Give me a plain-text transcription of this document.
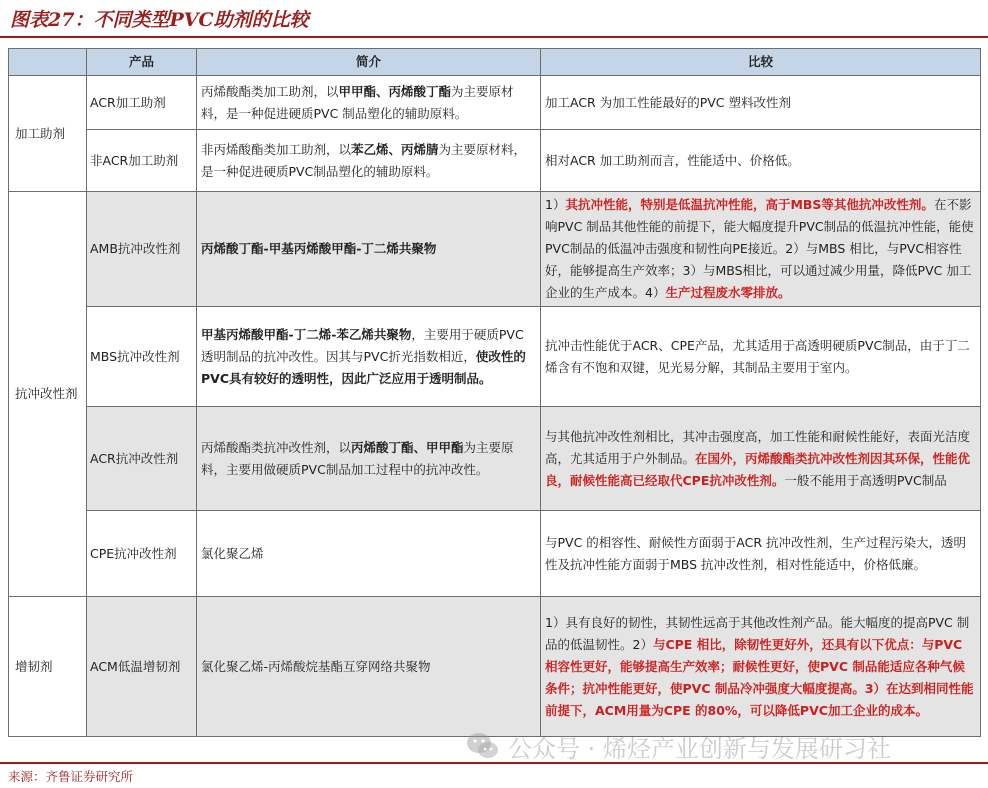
图表27：不同类型PVC助剂的比较
	产品	简介	比较
加工助剂	ACR加工助剂	丙烯酸酯类加工助剂，以甲甲酯、丙烯酸丁酯为主要原材料，是一种促进硬质PVC 制品塑化的辅助原料。	加工ACR 为加工性能最好的PVC 塑料改性剂
	非ACR加工助剂	非丙烯酸酯类加工助剂，以苯乙烯、丙烯腈为主要原材料，是一种促进硬质PVC制品塑化的辅助原料。	相对ACR 加工助剂而言，性能适中、价格低。
抗冲改性剂	AMB抗冲改性剂	丙烯酸丁酯-甲基丙烯酸甲酯-丁二烯共聚物	1）其抗冲性能，特别是低温抗冲性能，高于MBS等其他抗冲改性剂。在不影响PVC 制品其他性能的前提下，能大幅度提升PVC制品的低温抗冲性能，能使PVC制品的低温冲击强度和韧性向PE接近。2）与MBS 相比，与PVC相容性好，能够提高生产效率；3）与MBS相比，可以通过减少用量，降低PVC 加工企业的生产成本。4）生产过程废水零排放。
	MBS抗冲改性剂	甲基丙烯酸甲酯-丁二烯-苯乙烯共聚物，主要用于硬质PVC透明制品的抗冲改性。因其与PVC折光指数相近，使改性的PVC具有较好的透明性，因此广泛应用于透明制品。	抗冲击性能优于ACR、CPE产品，尤其适用于高透明硬质PVC制品，由于丁二烯含有不饱和双键，见光易分解，其制品主要用于室内。
	ACR抗冲改性剂	丙烯酸酯类抗冲改性剂，以丙烯酸丁酯、甲甲酯为主要原料，主要用做硬质PVC制品加工过程中的抗冲改性。	与其他抗冲改性剂相比，其冲击强度高，加工性能和耐候性能好，表面光洁度高，尤其适用于户外制品。在国外，丙烯酸酯类抗冲改性剂因其环保，性能优良，耐候性能高已经取代CPE抗冲改性剂。一般不能用于高透明PVC制品
	CPE抗冲改性剂	氯化聚乙烯	与PVC 的相容性、耐候性方面弱于ACR 抗冲改性剂，生产过程污染大，透明性及抗冲性能方面弱于MBS 抗冲改性剂，相对性能适中，价格低廉。
增韧剂	ACM低温增韧剂	氯化聚乙烯-丙烯酸烷基酯互穿网络共聚物	1）具有良好的韧性，其韧性远高于其他改性剂产品。能大幅度的提高PVC 制品的低温韧性。2）与CPE 相比，除韧性更好外，还具有以下优点：与PVC 相容性更好，能够提高生产效率；耐候性更好，使PVC 制品能适应各种气候条件；抗冲性能更好，使PVC 制品冷冲强度大幅度提高。3）在达到相同性能前提下，ACM用量为CPE 的80%，可以降低PVC加工企业的成本。
公众号 · 烯烃产业创新与发展研习社
来源：齐鲁证券研究所
